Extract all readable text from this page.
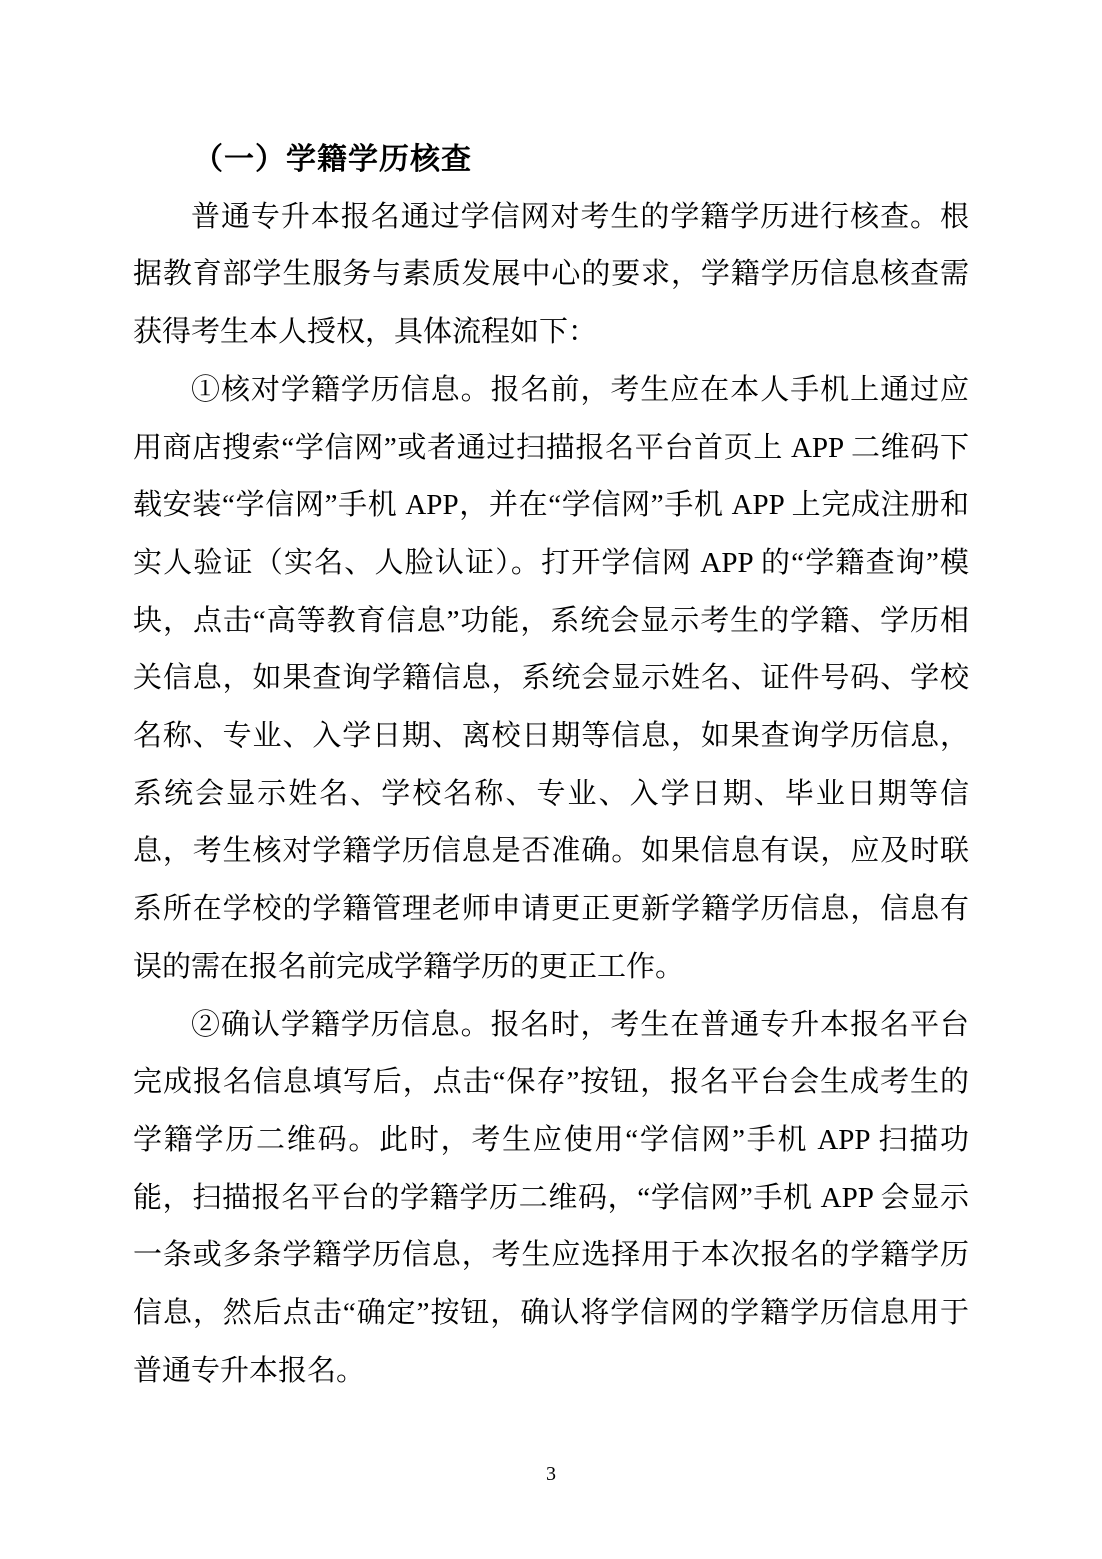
（一）学籍学历核查

普通专升本报名通过学信网对考生的学籍学历进行核查。根据教育部学生服务与素质发展中心的要求，学籍学历信息核查需获得考生本人授权，具体流程如下：

①核对学籍学历信息。报名前，考生应在本人手机上通过应用商店搜索“学信网”或者通过扫描报名平台首页上 APP 二维码下载安装“学信网”手机 APP，并在“学信网”手机 APP 上完成注册和实人验证（实名、人脸认证）。打开学信网 APP 的“学籍查询”模块，点击“高等教育信息”功能，系统会显示考生的学籍、学历相关信息，如果查询学籍信息，系统会显示姓名、证件号码、学校名称、专业、入学日期、离校日期等信息，如果查询学历信息，系统会显示姓名、学校名称、专业、入学日期、毕业日期等信息，考生核对学籍学历信息是否准确。如果信息有误，应及时联系所在学校的学籍管理老师申请更正更新学籍学历信息，信息有误的需在报名前完成学籍学历的更正工作。

②确认学籍学历信息。报名时，考生在普通专升本报名平台完成报名信息填写后，点击“保存”按钮，报名平台会生成考生的学籍学历二维码。此时，考生应使用“学信网”手机 APP 扫描功能，扫描报名平台的学籍学历二维码，“学信网”手机 APP 会显示一条或多条学籍学历信息，考生应选择用于本次报名的学籍学历信息，然后点击“确定”按钮，确认将学信网的学籍学历信息用于普通专升本报名。

3
